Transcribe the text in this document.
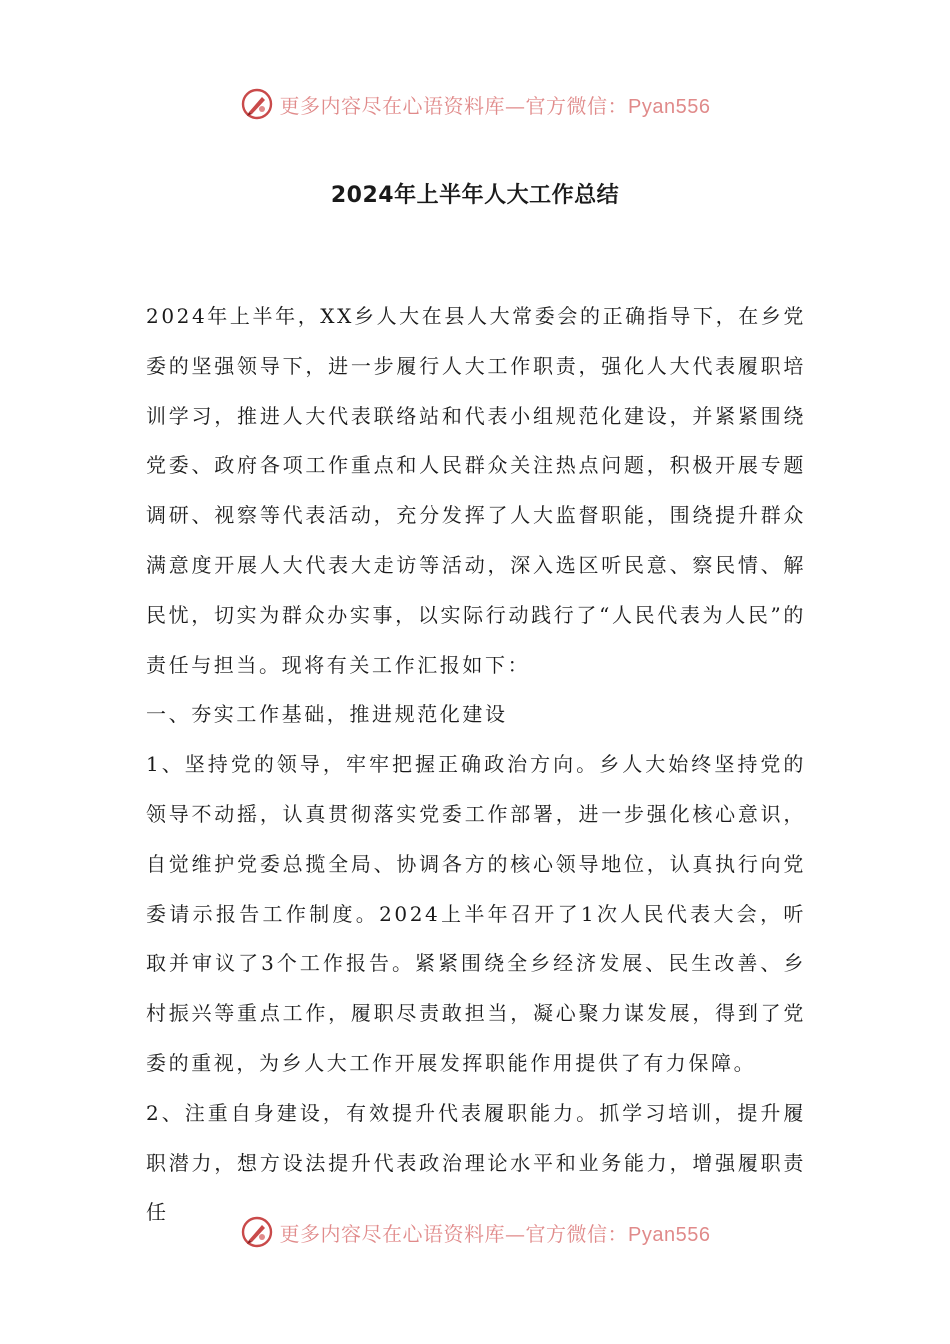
更多内容尽在心语资料库—官方微信：Pyan556
2024年上半年人大工作总结

2024年上半年，XX乡人大在县人大常委会的正确指导下，在乡党委的坚强领导下，进一步履行人大工作职责，强化人大代表履职培训学习，推进人大代表联络站和代表小组规范化建设，并紧紧围绕党委、政府各项工作重点和人民群众关注热点问题，积极开展专题调研、视察等代表活动，充分发挥了人大监督职能，围绕提升群众满意度开展人大代表大走访等活动，深入选区听民意、察民情、解民忧，切实为群众办实事，以实际行动践行了“人民代表为人民”的责任与担当。现将有关工作汇报如下：

一、夯实工作基础，推进规范化建设

1、坚持党的领导，牢牢把握正确政治方向。乡人大始终坚持党的领导不动摇，认真贯彻落实党委工作部署，进一步强化核心意识，自觉维护党委总揽全局、协调各方的核心领导地位，认真执行向党委请示报告工作制度。2024上半年召开了1次人民代表大会，听取并审议了3个工作报告。紧紧围绕全乡经济发展、民生改善、乡村振兴等重点工作，履职尽责敢担当，凝心聚力谋发展，得到了党委的重视，为乡人大工作开展发挥职能作用提供了有力保障。

2、注重自身建设，有效提升代表履职能力。抓学习培训，提升履职潜力，想方设法提升代表政治理论水平和业务能力，增强履职责任

更多内容尽在心语资料库—官方微信：Pyan556
